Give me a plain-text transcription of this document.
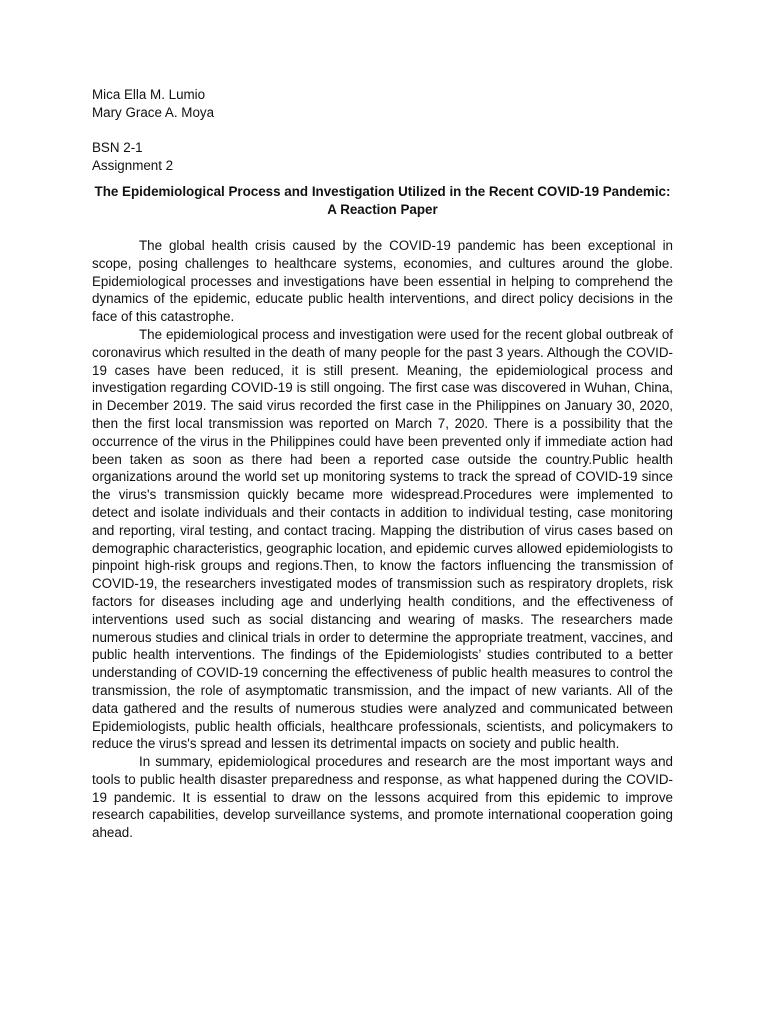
Mica Ella M. Lumio

Mary Grace A. Moya

BSN 2-1

Assignment 2

The Epidemiological Process and Investigation Utilized in the Recent COVID-19 Pandemic: A Reaction Paper

The global health crisis caused by the COVID-19 pandemic has been exceptional in scope, posing challenges to healthcare systems, economies, and cultures around the globe. Epidemiological processes and investigations have been essential in helping to comprehend the dynamics of the epidemic, educate public health interventions, and direct policy decisions in the face of this catastrophe.

The epidemiological process and investigation were used for the recent global outbreak of coronavirus which resulted in the death of many people for the past 3 years. Although the COVID-19 cases have been reduced, it is still present. Meaning, the epidemiological process and investigation regarding COVID-19 is still ongoing. The first case was discovered in Wuhan, China, in December 2019. The said virus recorded the first case in the Philippines on January 30, 2020, then the first local transmission was reported on March 7, 2020. There is a possibility that the occurrence of the virus in the Philippines could have been prevented only if immediate action had been taken as soon as there had been a reported case outside the country.Public health organizations around the world set up monitoring systems to track the spread of COVID-19 since the virus's transmission quickly became more widespread.Procedures were implemented to detect and isolate individuals and their contacts in addition to individual testing, case monitoring and reporting, viral testing, and contact tracing. Mapping the distribution of virus cases based on demographic characteristics, geographic location, and epidemic curves allowed epidemiologists to pinpoint high-risk groups and regions.Then, to know the factors influencing the transmission of COVID-19, the researchers investigated modes of transmission such as respiratory droplets, risk factors for diseases including age and underlying health conditions, and the effectiveness of interventions used such as social distancing and wearing of masks. The researchers made numerous studies and clinical trials in order to determine the appropriate treatment, vaccines, and public health interventions. The findings of the Epidemiologists’ studies contributed to a better understanding of COVID-19 concerning the effectiveness of public health measures to control the transmission, the role of asymptomatic transmission, and the impact of new variants. All of the data gathered and the results of numerous studies were analyzed and communicated between Epidemiologists, public health officials, healthcare professionals, scientists, and policymakers to reduce the virus's spread and lessen its detrimental impacts on society and public health.

In summary, epidemiological procedures and research are the most important ways and tools to public health disaster preparedness and response, as what happened during the COVID-19 pandemic. It is essential to draw on the lessons acquired from this epidemic to improve research capabilities, develop surveillance systems, and promote international cooperation going ahead.
